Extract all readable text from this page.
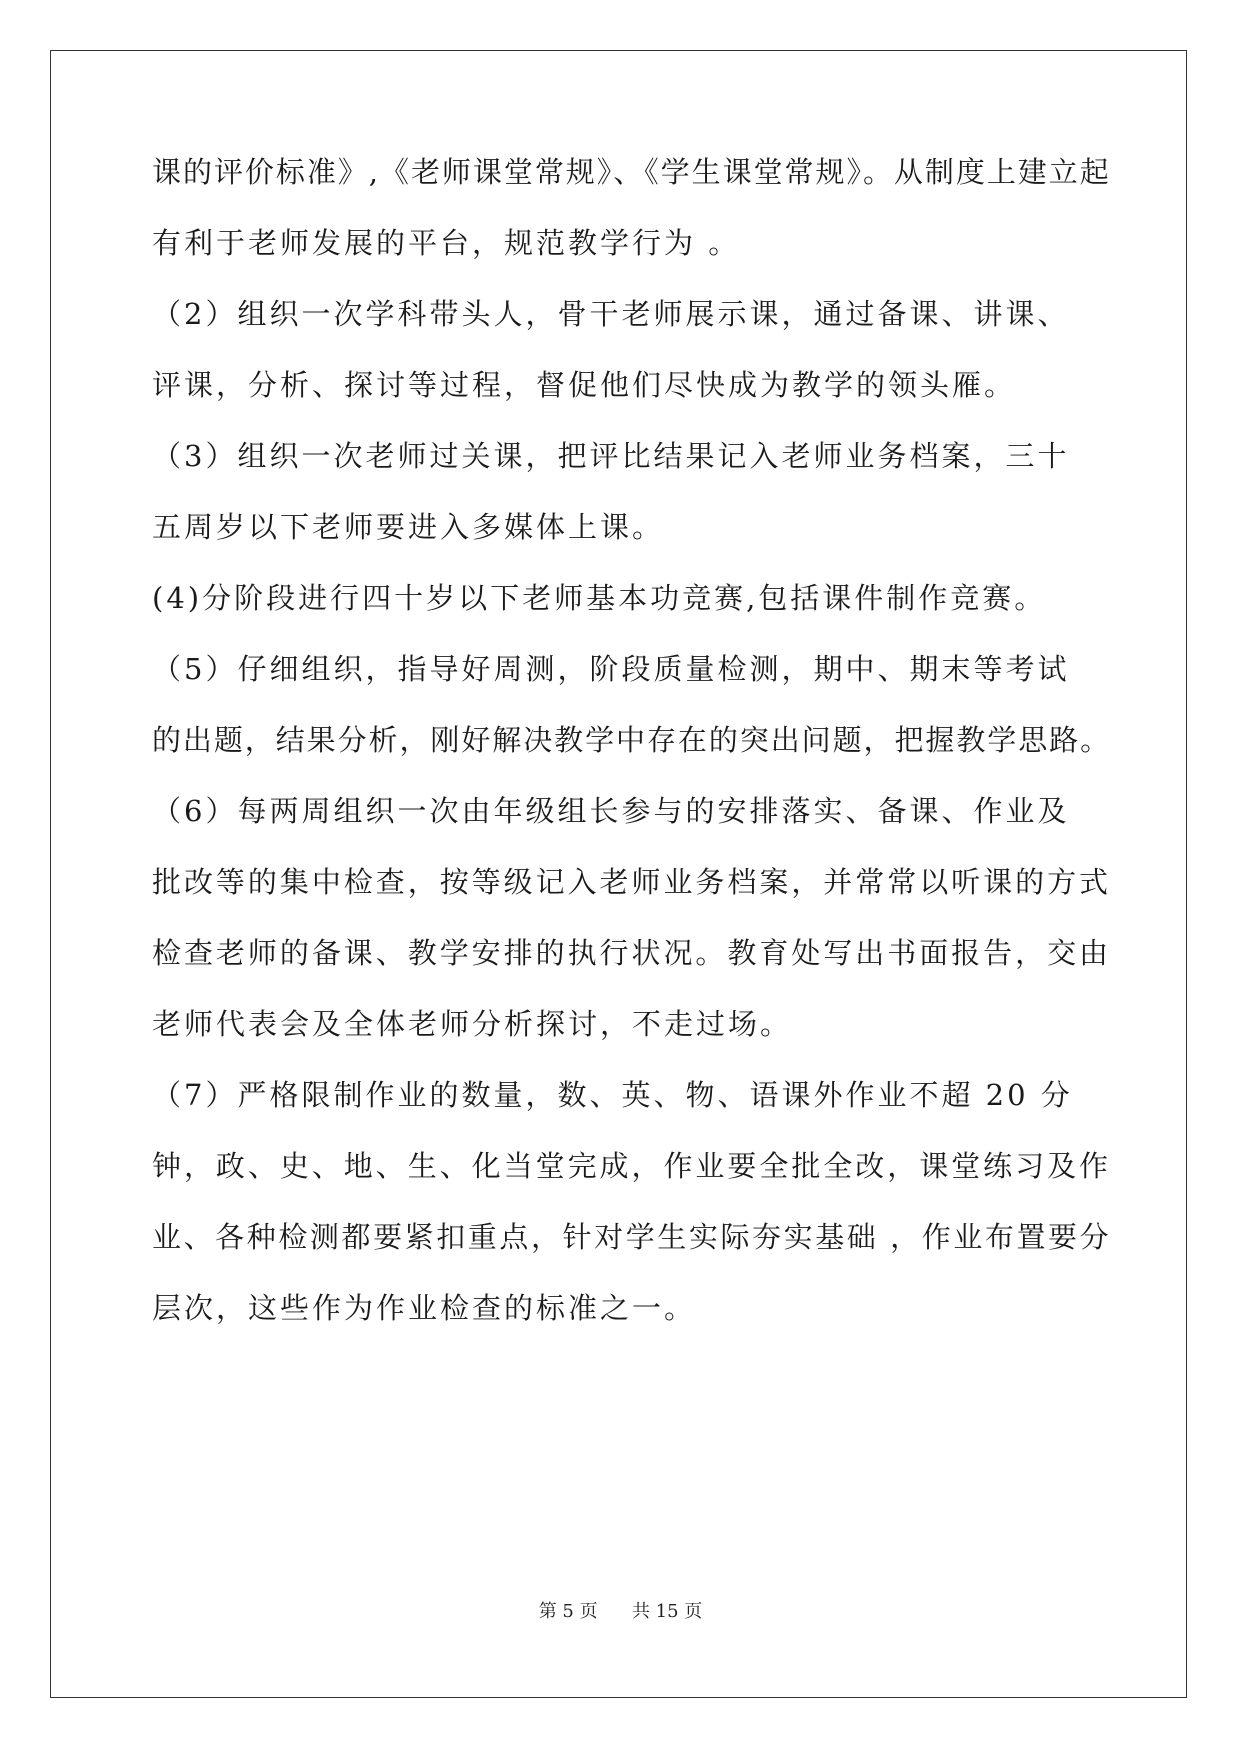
课的评价标准》,《老师课堂常规》、《学生课堂常规》。从制度上建立起
有利于老师发展的平台，规范教学行为 。
（2）组织一次学科带头人，骨干老师展示课，通过备课、讲课、
评课，分析、探讨等过程，督促他们尽快成为教学的领头雁。
（3）组织一次老师过关课，把评比结果记入老师业务档案，三十
五周岁以下老师要进入多媒体上课。
(4)分阶段进行四十岁以下老师基本功竞赛,包括课件制作竞赛。
（5）仔细组织，指导好周测，阶段质量检测，期中、期末等考试
的出题，结果分析，刚好解决教学中存在的突出问题，把握教学思路。
（6）每两周组织一次由年级组长参与的安排落实、备课、作业及
批改等的集中检查，按等级记入老师业务档案，并常常以听课的方式
检查老师的备课、教学安排的执行状况。教育处写出书面报告，交由
老师代表会及全体老师分析探讨，不走过场。
（7）严格限制作业的数量，数、英、物、语课外作业不超 20 分
钟，政、史、地、生、化当堂完成，作业要全批全改，课堂练习及作
业、各种检测都要紧扣重点，针对学生实际夯实基础 ，作业布置要分
层次，这些作为作业检查的标准之一。
第 5 页 共 15 页
